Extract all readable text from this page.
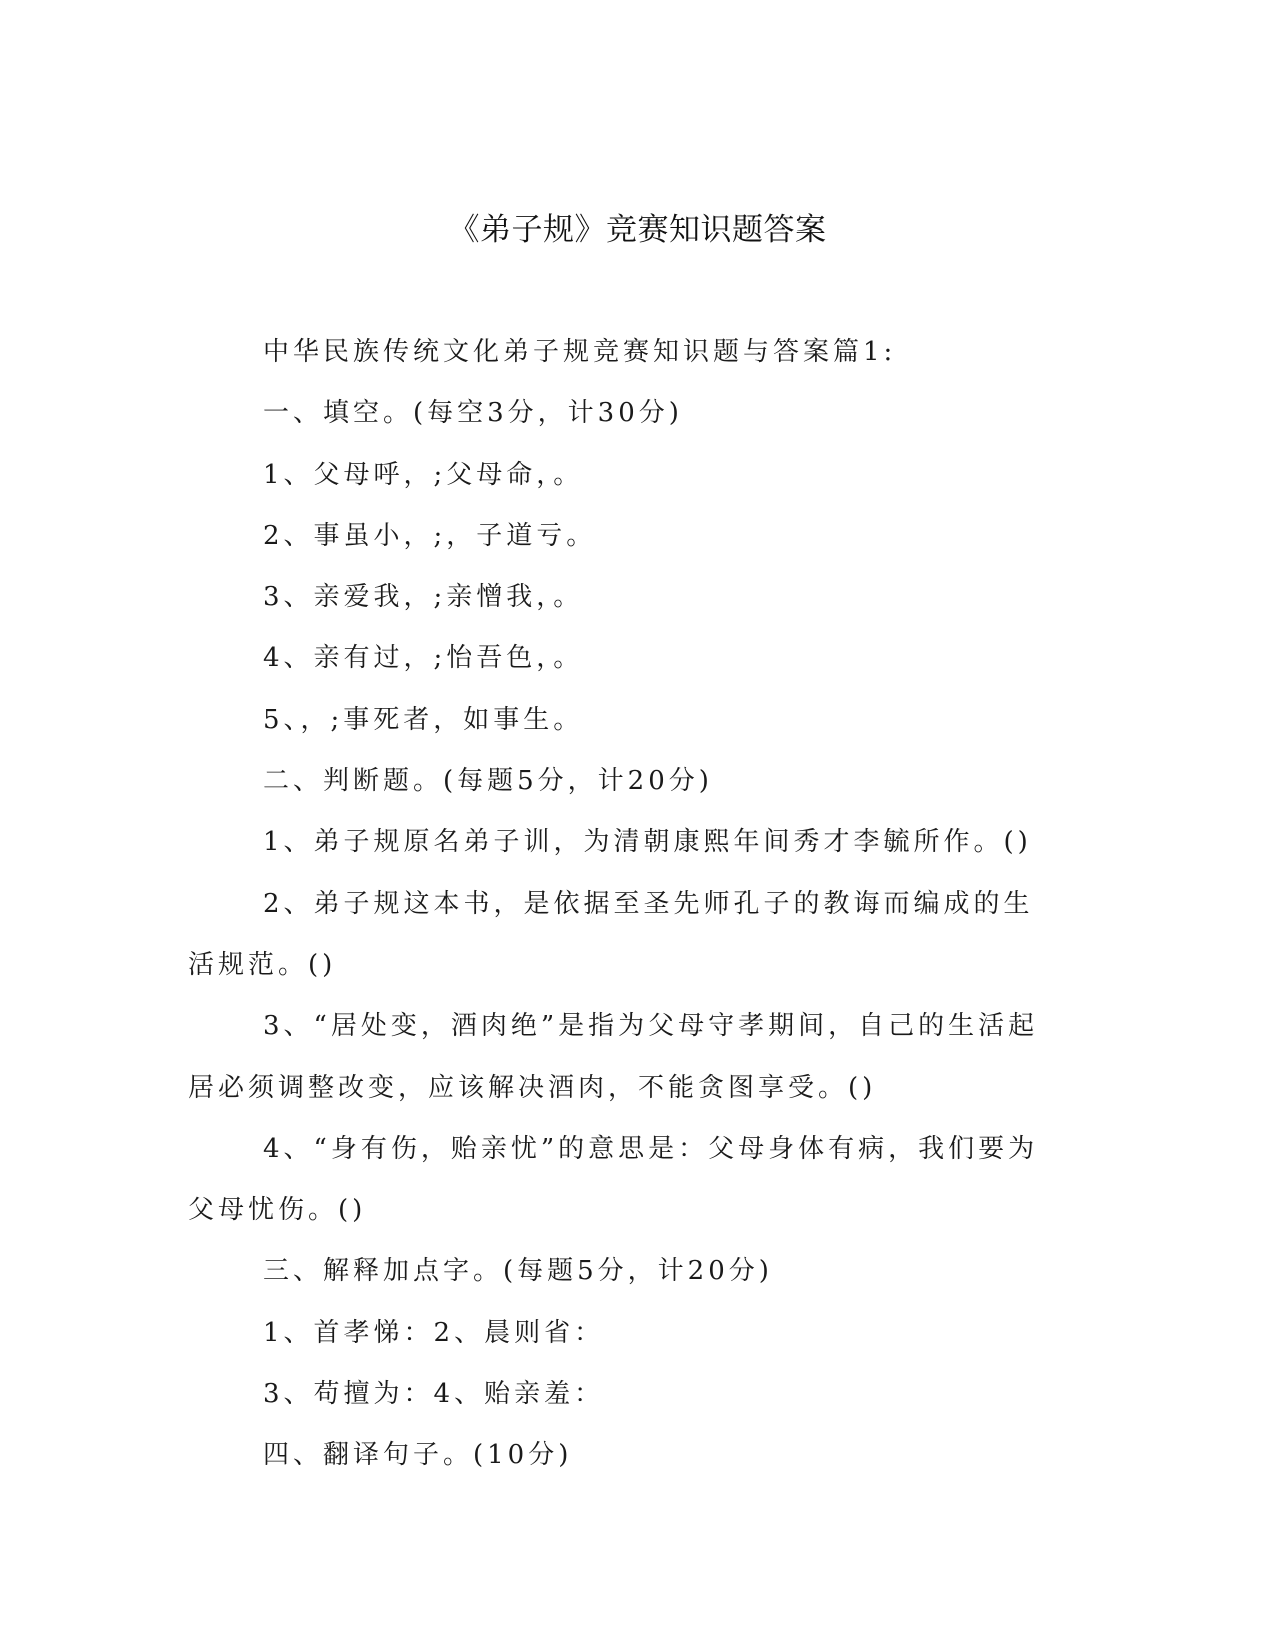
《弟子规》竞赛知识题答案

中华民族传统文化弟子规竞赛知识题与答案篇1:

一、填空。(每空3分，计30分)

1、父母呼，;父母命，。

2、事虽小，;，子道亏。

3、亲爱我，;亲憎我，。

4、亲有过，;怡吾色，。

5、，;事死者，如事生。

二、判断题。(每题5分，计20分)

1、弟子规原名弟子训，为清朝康熙年间秀才李毓所作。()

2、弟子规这本书，是依据至圣先师孔子的教诲而编成的生活规范。()

3、“居处变，酒肉绝”是指为父母守孝期间，自己的生活起居必须调整改变，应该解决酒肉，不能贪图享受。()

4、“身有伤，贻亲忧”的意思是：父母身体有病，我们要为父母忧伤。()

三、解释加点字。(每题5分，计20分)

1、首孝悌：2、晨则省：

3、苟擅为：4、贻亲羞：

四、翻译句子。(10分)
